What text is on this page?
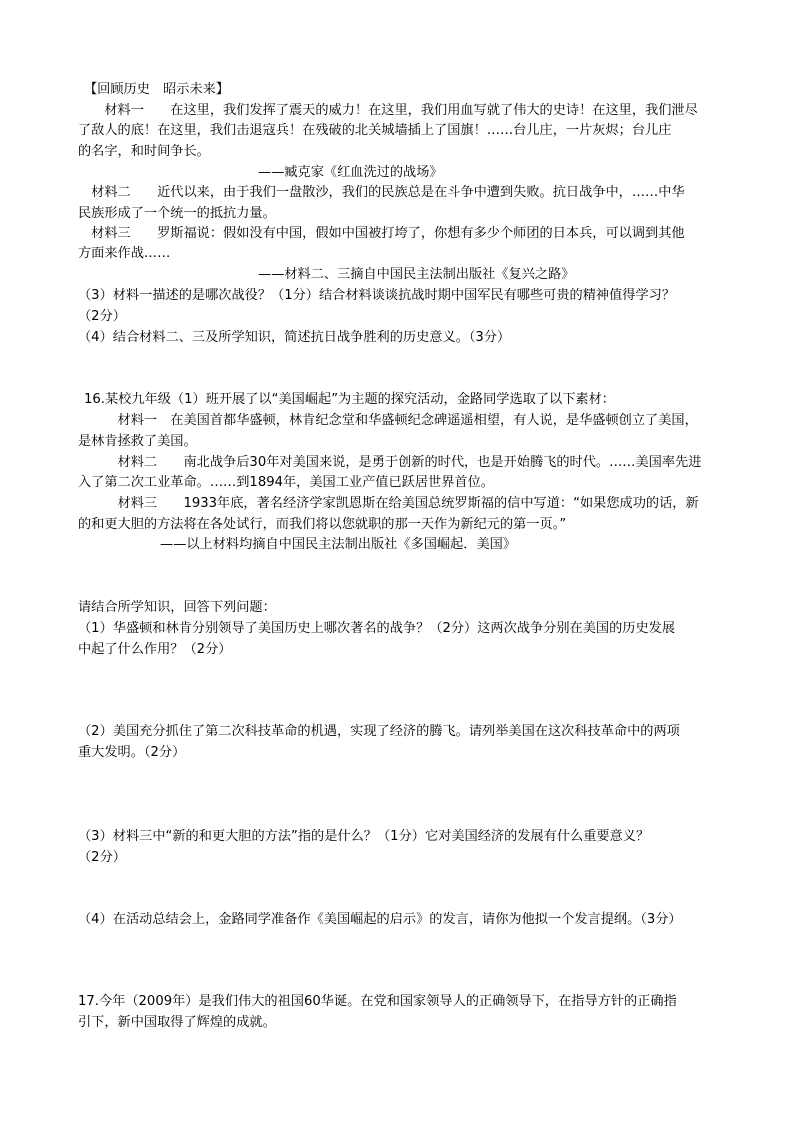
【回顾历史　昭示未来】
　　材料一　　在这里，我们发挥了震天的威力！在这里，我们用血写就了伟大的史诗！在这里，我们泄尽
了敌人的底！在这里，我们击退寇兵！在残破的北关城墙插上了国旗！……台儿庄，一片灰烬；台儿庄
的名字，和时间争长。
——臧克家《红血洗过的战场》
　材料二　　近代以来，由于我们一盘散沙，我们的民族总是在斗争中遭到失败。抗日战争中，……中华
民族形成了一个统一的抵抗力量。
　材料三　　罗斯福说：假如没有中国，假如中国被打垮了，你想有多少个师团的日本兵，可以调到其他
方面来作战……
——材料二、三摘自中国民主法制出版社《复兴之路》
（3）材料一描述的是哪次战役？（1分）结合材料谈谈抗战时期中国军民有哪些可贵的精神值得学习？
（2分）
（4）结合材料二、三及所学知识，简述抗日战争胜利的历史意义。（3分）
16.某校九年级（1）班开展了以“美国崛起”为主题的探究活动，金路同学选取了以下素材：
　　　材料一　在美国首都华盛顿，林肯纪念堂和华盛顿纪念碑遥遥相望，有人说，是华盛顿创立了美国，
是林肯拯救了美国。
　　　材料二　　南北战争后30年对美国来说，是勇于创新的时代，也是开始腾飞的时代。……美国率先进
入了第二次工业革命。……到1894年，美国工业产值已跃居世界首位。
　　　材料三　　1933年底，著名经济学家凯恩斯在给美国总统罗斯福的信中写道：“如果您成功的话，新
的和更大胆的方法将在各处试行，而我们将以您就职的那一天作为新纪元的第一页。”
——以上材料均摘自中国民主法制出版社《多国崛起．美国》
请结合所学知识，回答下列问题：
（1）华盛顿和林肯分别领导了美国历史上哪次著名的战争？（2分）这两次战争分别在美国的历史发展
中起了什么作用？（2分）
（2）美国充分抓住了第二次科技革命的机遇，实现了经济的腾飞。请列举美国在这次科技革命中的两项
重大发明。（2分）
（3）材料三中“新的和更大胆的方法”指的是什么？（1分）它对美国经济的发展有什么重要意义？
（2分）
（4）在活动总结会上，金路同学准备作《美国崛起的启示》的发言，请你为他拟一个发言提纲。（3分）
17.今年（2009年）是我们伟大的祖国60华诞。在党和国家领导人的正确领导下，在指导方针的正确指
引下，新中国取得了辉煌的成就。
